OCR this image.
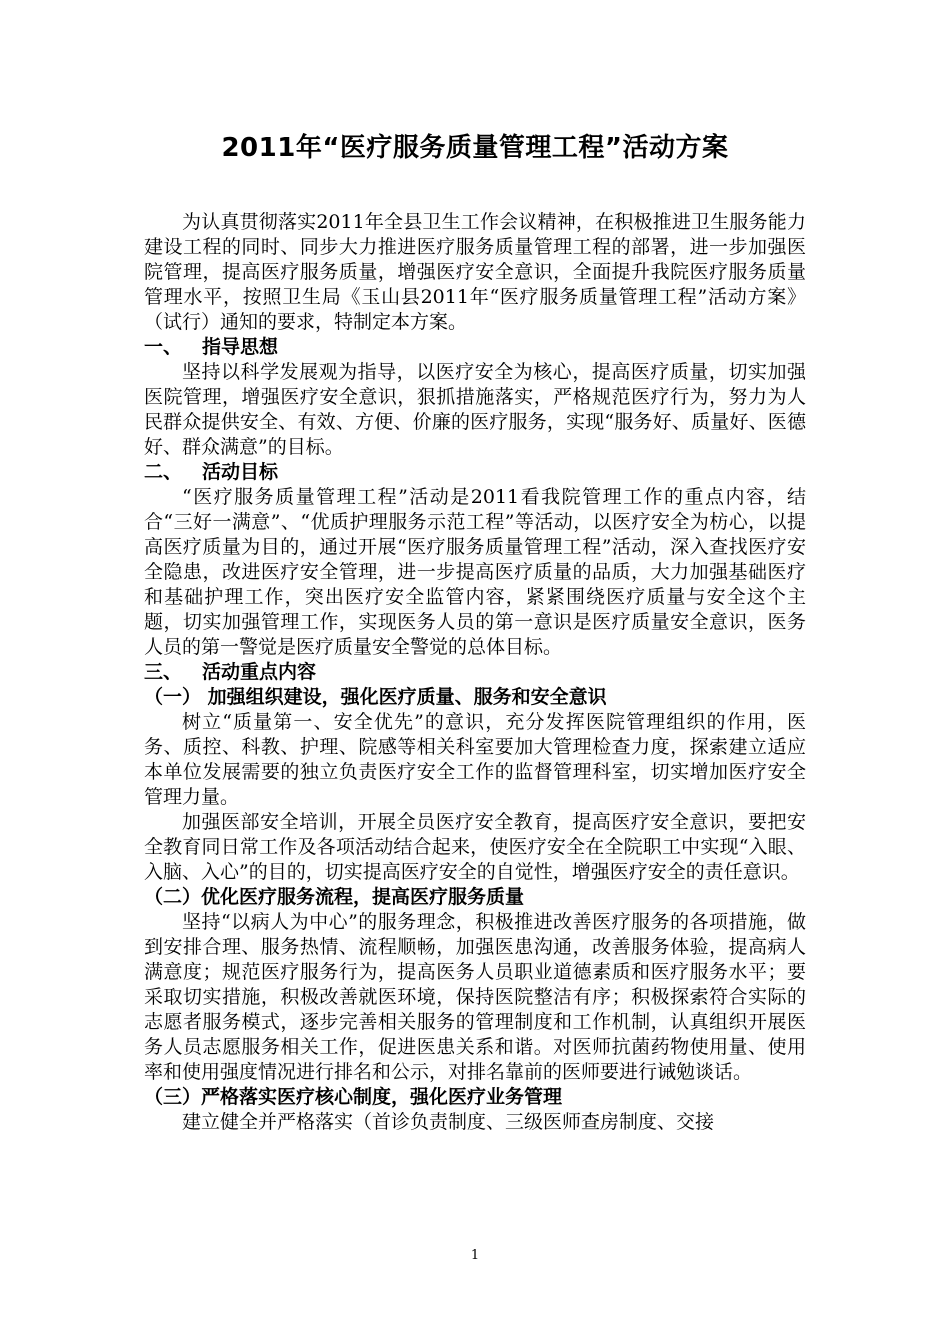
2011年“医疗服务质量管理工程”活动方案

为认真贯彻落实2011年全县卫生工作会议精神，在积极推进卫生服务能力建设工程的同时、同步大力推进医疗服务质量管理工程的部署，进一步加强医院管理，提高医疗服务质量，增强医疗安全意识，全面提升我院医疗服务质量管理水平，按照卫生局《玉山县2011年“医疗服务质量管理工程”活动方案》（试行）通知的要求，特制定本方案。

一、 指导思想

坚持以科学发展观为指导，以医疗安全为核心，提高医疗质量，切实加强医院管理，增强医疗安全意识，狠抓措施落实，严格规范医疗行为，努力为人民群众提供安全、有效、方便、价廉的医疗服务，实现“服务好、质量好、医德好、群众满意”的目标。

二、 活动目标

“医疗服务质量管理工程”活动是2011看我院管理工作的重点内容，结合“三好一满意”、“优质护理服务示范工程”等活动，以医疗安全为枋心，以提高医疗质量为目的，通过开展“医疗服务质量管理工程”活动，深入查找医疗安全隐患，改进医疗安全管理，进一步提高医疗质量的品质，大力加强基础医疗和基础护理工作，突出医疗安全监管内容，紧紧围绕医疗质量与安全这个主题，切实加强管理工作，实现医务人员的第一意识是医疗质量安全意识，医务人员的第一警觉是医疗质量安全警觉的总体目标。

三、 活动重点内容
（一） 加强组织建设，强化医疗质量、服务和安全意识

树立“质量第一、安全优先”的意识，充分发挥医院管理组织的作用，医务、质控、科教、护理、院感等相关科室要加大管理检查力度，探索建立适应本单位发展需要的独立负责医疗安全工作的监督管理科室，切实增加医疗安全管理力量。

加强医部安全培训，开展全员医疗安全教育，提高医疗安全意识，要把安全教育同日常工作及各项活动结合起来，使医疗安全在全院职工中实现“入眼、入脑、入心”的目的，切实提高医疗安全的自觉性，增强医疗安全的责任意识。

（二）优化医疗服务流程，提高医疗服务质量

坚持“以病人为中心”的服务理念，积极推进改善医疗服务的各项措施，做到安排合理、服务热情、流程顺畅，加强医患沟通，改善服务体验，提高病人满意度；规范医疗服务行为，提高医务人员职业道德素质和医疗服务水平；要采取切实措施，积极改善就医环境，保持医院整洁有序；积极探索符合实际的志愿者服务模式，逐步完善相关服务的管理制度和工作机制，认真组织开展医务人员志愿服务相关工作，促进医患关系和谐。对医师抗菌药物使用量、使用率和使用强度情况进行排名和公示，对排名靠前的医师要进行诫勉谈话。

（三）严格落实医疗核心制度，强化医疗业务管理

建立健全并严格落实（首诊负责制度、三级医师查房制度、交接

1
